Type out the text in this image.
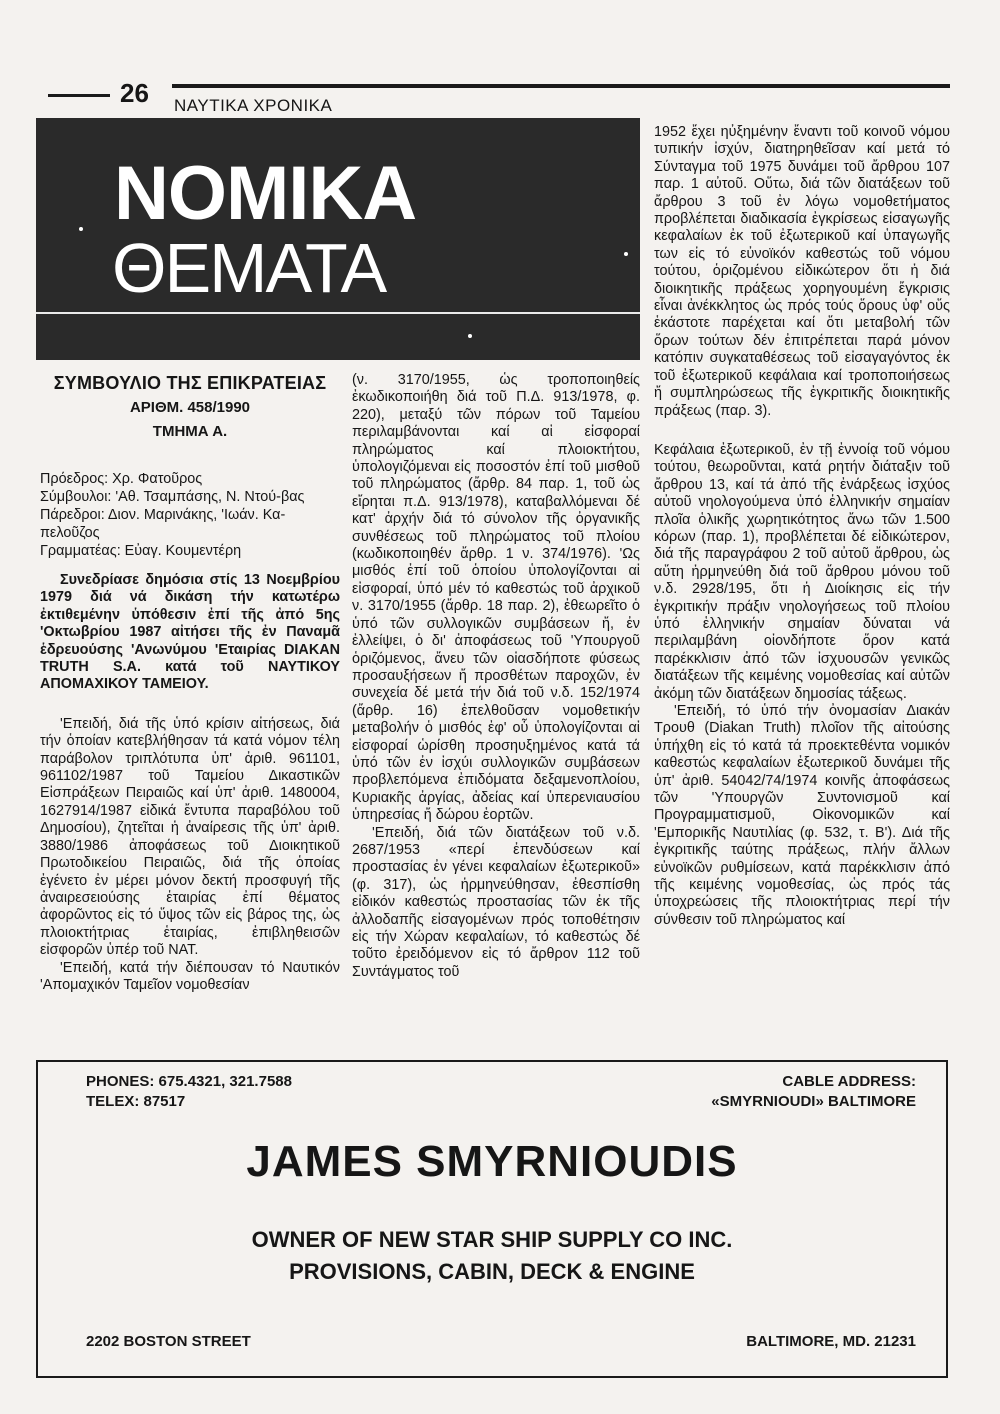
26 ΝΑΥΤΙΚΑ ΧΡΟΝΙΚΑ
ΝΟΜΙΚΑ
ΘΕΜΑΤΑ

ΣΥΜΒΟΥΛΙΟ ΤΗΣ ΕΠΙΚΡΑΤΕΙΑΣ

ΑΡΙΘΜ. 458/1990

ΤΜΗΜΑ Α.

Πρόεδρος: Χρ. Φατοῦρος

Σύμβουλοι: 'Αθ. Τσαμπάσης, Ν. Ντού-βας

Πάρεδροι: Διον. Μαρινάκης, 'Ιωάν. Κα-πελοῦζος

Γραμματέας: Εὐαγ. Κουμεντέρη

Συνεδρίασε δημόσια στίς 13 Νοεμβρίου 1979 διά νά δικάση τήν κατωτέρω ἐκτιθεμένην ὑπόθεσιν ἐπί τῆς ἀπό 5ης 'Οκτωβρίου 1987 αἰτήσει τῆς ἐν Παναμᾶ ἑδρευούσης 'Ανωνύμου 'Εταιρίας DIAKAN TRUTH S.A. κατά τοῦ ΝΑΥΤΙΚΟΥ ΑΠΟΜΑΧΙΚΟΥ ΤΑΜΕΙΟΥ.

'Επειδή, διά τῆς ὑπό κρίσιν αἰτήσεως, διά τήν ὁποίαν κατεβλήθησαν τά κατά νόμον τέλη παράβολον τριπλότυπα ὑπ' ἀριθ. 961101, 961102/1987 τοῦ Ταμείου Δικαστικῶν Εἰσπράξεων Πειραιῶς καί ὑπ' ἀριθ. 1480004, 1627914/1987 εἰδικά ἔντυπα παραβόλου τοῦ Δημοσίου), ζητεῖται ἡ ἀναίρεσις τῆς ὑπ' ἀριθ. 3880/1986 ἀποφάσεως τοῦ Διοικητικοῦ Πρωτοδικείου Πειραιῶς, διά τῆς ὁποίας ἐγένετο ἐν μέρει μόνον δεκτή προσφυγή τῆς ἀναιρεσειούσης ἑταιρίας ἐπί θέματος ἀφορῶντος εἰς τό ὕψος τῶν εἰς βάρος της, ὡς πλοιοκτήτριας ἑταιρίας, ἐπιβληθεισῶν εἰσφορῶν ὑπέρ τοῦ ΝΑΤ.

'Επειδή, κατά τήν διέπουσαν τό Ναυτικόν 'Απομαχικόν Ταμεῖον νομοθεσίαν

(ν. 3170/1955, ὡς τροποποιηθείς ἐκωδικοποιήθη διά τοῦ Π.Δ. 913/1978, φ. 220), μεταξύ τῶν πόρων τοῦ Ταμείου περιλαμβάνονται καί αἱ εἰσφοραί πληρώματος καί πλοιοκτήτου, ὑπολογιζόμεναι εἰς ποσοστόν ἐπί τοῦ μισθοῦ τοῦ πληρώματος (ἄρθρ. 84 παρ. 1, τοῦ ὡς εἴρηται π.Δ. 913/1978), καταβαλλόμεναι δέ κατ' ἀρχήν διά τό σύνολον τῆς ὀργανικῆς συνθέσεως τοῦ πληρώματος τοῦ πλοίου (κωδικοποιηθέν ἄρθρ. 1 ν. 374/1976). 'Ως μισθός ἐπί τοῦ ὁποίου ὑπολογίζονται αἱ εἰσφοραί, ὑπό μέν τό καθεστώς τοῦ ἀρχικοῦ ν. 3170/1955 (ἄρθρ. 18 παρ. 2), ἐθεωρεῖτο ὁ ὑπό τῶν συλλογικῶν συμβάσεων ἤ, ἐν ἐλλείψει, ὁ δι' ἀποφάσεως τοῦ 'Υπουργοῦ ὁριζόμενος, ἄνευ τῶν οἱασδήποτε φύσεως προσαυξήσεων ἤ προσθέτων παροχῶν, ἐν συνεχεία δέ μετά τήν διά τοῦ ν.δ. 152/1974 (ἄρθρ. 16) ἐπελθοῦσαν νομοθετικήν μεταβολήν ὁ μισθός ἐφ' οὗ ὑπολογίζονται αἱ εἰσφοραί ὡρίσθη προσηυξημένος κατά τά ὑπό τῶν ἐν ἰσχύι συλλογικῶν συμβάσεων προβλεπόμενα ἐπιδόματα δεξαμενοπλοίου, Κυριακῆς ἀργίας, ἀδείας καί ὑπερενιαυσίου ὑπηρεσίας ἤ δώρου ἑορτῶν.

'Επειδή, διά τῶν διατάξεων τοῦ ν.δ. 2687/1953 «περί ἐπενδύσεων καί προστασίας ἐν γένει κεφαλαίων ἐξωτερικοῦ» (φ. 317), ὡς ἡρμηνεύθησαν, ἐθεσπίσθη εἰδικόν καθεστώς προστασίας τῶν ἐκ τῆς ἀλλοδαπῆς εἰσαγομένων πρός τοποθέτησιν εἰς τήν Χώραν κεφαλαίων, τό καθεστώς δέ τοῦτο ἐρειδόμενον εἰς τό ἄρθρον 112 τοῦ Συντάγματος τοῦ

1952 ἔχει ηὐξημένην ἔναντι τοῦ κοινοῦ νόμου τυπικήν ἰσχύν, διατηρηθεῖσαν καί μετά τό Σύνταγμα τοῦ 1975 δυνάμει τοῦ ἄρθρου 107 παρ. 1 αὐτοῦ. Οὕτω, διά τῶν διατάξεων τοῦ ἄρθρου 3 τοῦ ἐν λόγω νομοθετήματος προβλέπεται διαδικασία ἐγκρίσεως εἰσαγωγῆς κεφαλαίων ἐκ τοῦ ἐξωτερικοῦ καί ὑπαγωγῆς των εἰς τό εὐνοϊκόν καθεστώς τοῦ νόμου τούτου, ὁριζομένου εἰδικώτερον ὅτι ἡ διά διοικητικῆς πράξεως χορηγουμένη ἔγκρισις εἶναι ἀνέκκλητος ὡς πρός τούς ὅρους ὑφ' οὕς ἑκάστοτε παρέχεται καί ὅτι μεταβολή τῶν ὅρων τούτων δέν ἐπιτρέπεται παρά μόνον κατόπιν συγκαταθέσεως τοῦ εἰσαγαγόντος ἐκ τοῦ ἐξωτερικοῦ κεφάλαια καί τροποποιήσεως ἤ συμπληρώσεως τῆς ἐγκριτικῆς διοικητικῆς πράξεως (παρ. 3).

Κεφάλαια ἐξωτερικοῦ, ἐν τῇ ἐννοίᾳ τοῦ νόμου τούτου, θεωροῦνται, κατά ρητήν διάταξιν τοῦ ἄρθρου 13, καί τά ἀπό τῆς ἐνάρξεως ἰσχύος αὐτοῦ νηολογούμενα ὑπό ἑλληνικήν σημαίαν πλοῖα ὁλικῆς χωρητικότητος ἄνω τῶν 1.500 κόρων (παρ. 1), προβλέπεται δέ εἰδικώτερον, διά τῆς παραγράφου 2 τοῦ αὐτοῦ ἄρθρου, ὡς αὕτη ἡρμηνεύθη διά τοῦ ἄρθρου μόνου τοῦ ν.δ. 2928/195, ὅτι ἡ Διοίκησις εἰς τήν ἐγκριτικήν πράξιν νηολογήσεως τοῦ πλοίου ὑπό ἑλληνικήν σημαίαν δύναται νά περιλαμβάνη οἱονδήποτε ὅρον κατά παρέκκλισιν ἀπό τῶν ἰσχυουσῶν γενικῶς διατάξεων τῆς κειμένης νομοθεσίας καί αὐτῶν ἀκόμη τῶν διατάξεων δημοσίας τάξεως.

'Επειδή, τό ὑπό τήν ὀνομασίαν Διακάν Τρουθ (Diakan Truth) πλοῖον τῆς αἰτούσης ὑπήχθη εἰς τό κατά τά προεκτεθέντα νομικόν καθεστώς κεφαλαίων ἐξωτερικοῦ δυνάμει τῆς ὑπ' ἀριθ. 54042/74/1974 κοινῆς ἀποφάσεως τῶν 'Υπουργῶν Συντονισμοῦ καί Προγραμματισμοῦ, Οἰκονομικῶν καί 'Εμπορικῆς Ναυτιλίας (φ. 532, τ. Β'). Διά τῆς ἐγκριτικῆς ταύτης πράξεως, πλήν ἄλλων εὐνοϊκῶν ρυθμίσεων, κατά παρέκκλισιν ἀπό τῆς κειμένης νομοθεσίας, ὡς πρός τάς ὑποχρεώσεις τῆς πλοιοκτήτριας περί τήν σύνθεσιν τοῦ πληρώματος καί

PHONES: 675.4321, 321.7588
TELEX: 87517
CABLE ADDRESS:
«SMYRNIOUDI» BALTIMORE
JAMES SMYRNIOUDIS
OWNER OF NEW STAR SHIP SUPPLY CO INC.
PROVISIONS, CABIN, DECK & ENGINE
2202 BOSTON STREET	BALTIMORE, MD. 21231
